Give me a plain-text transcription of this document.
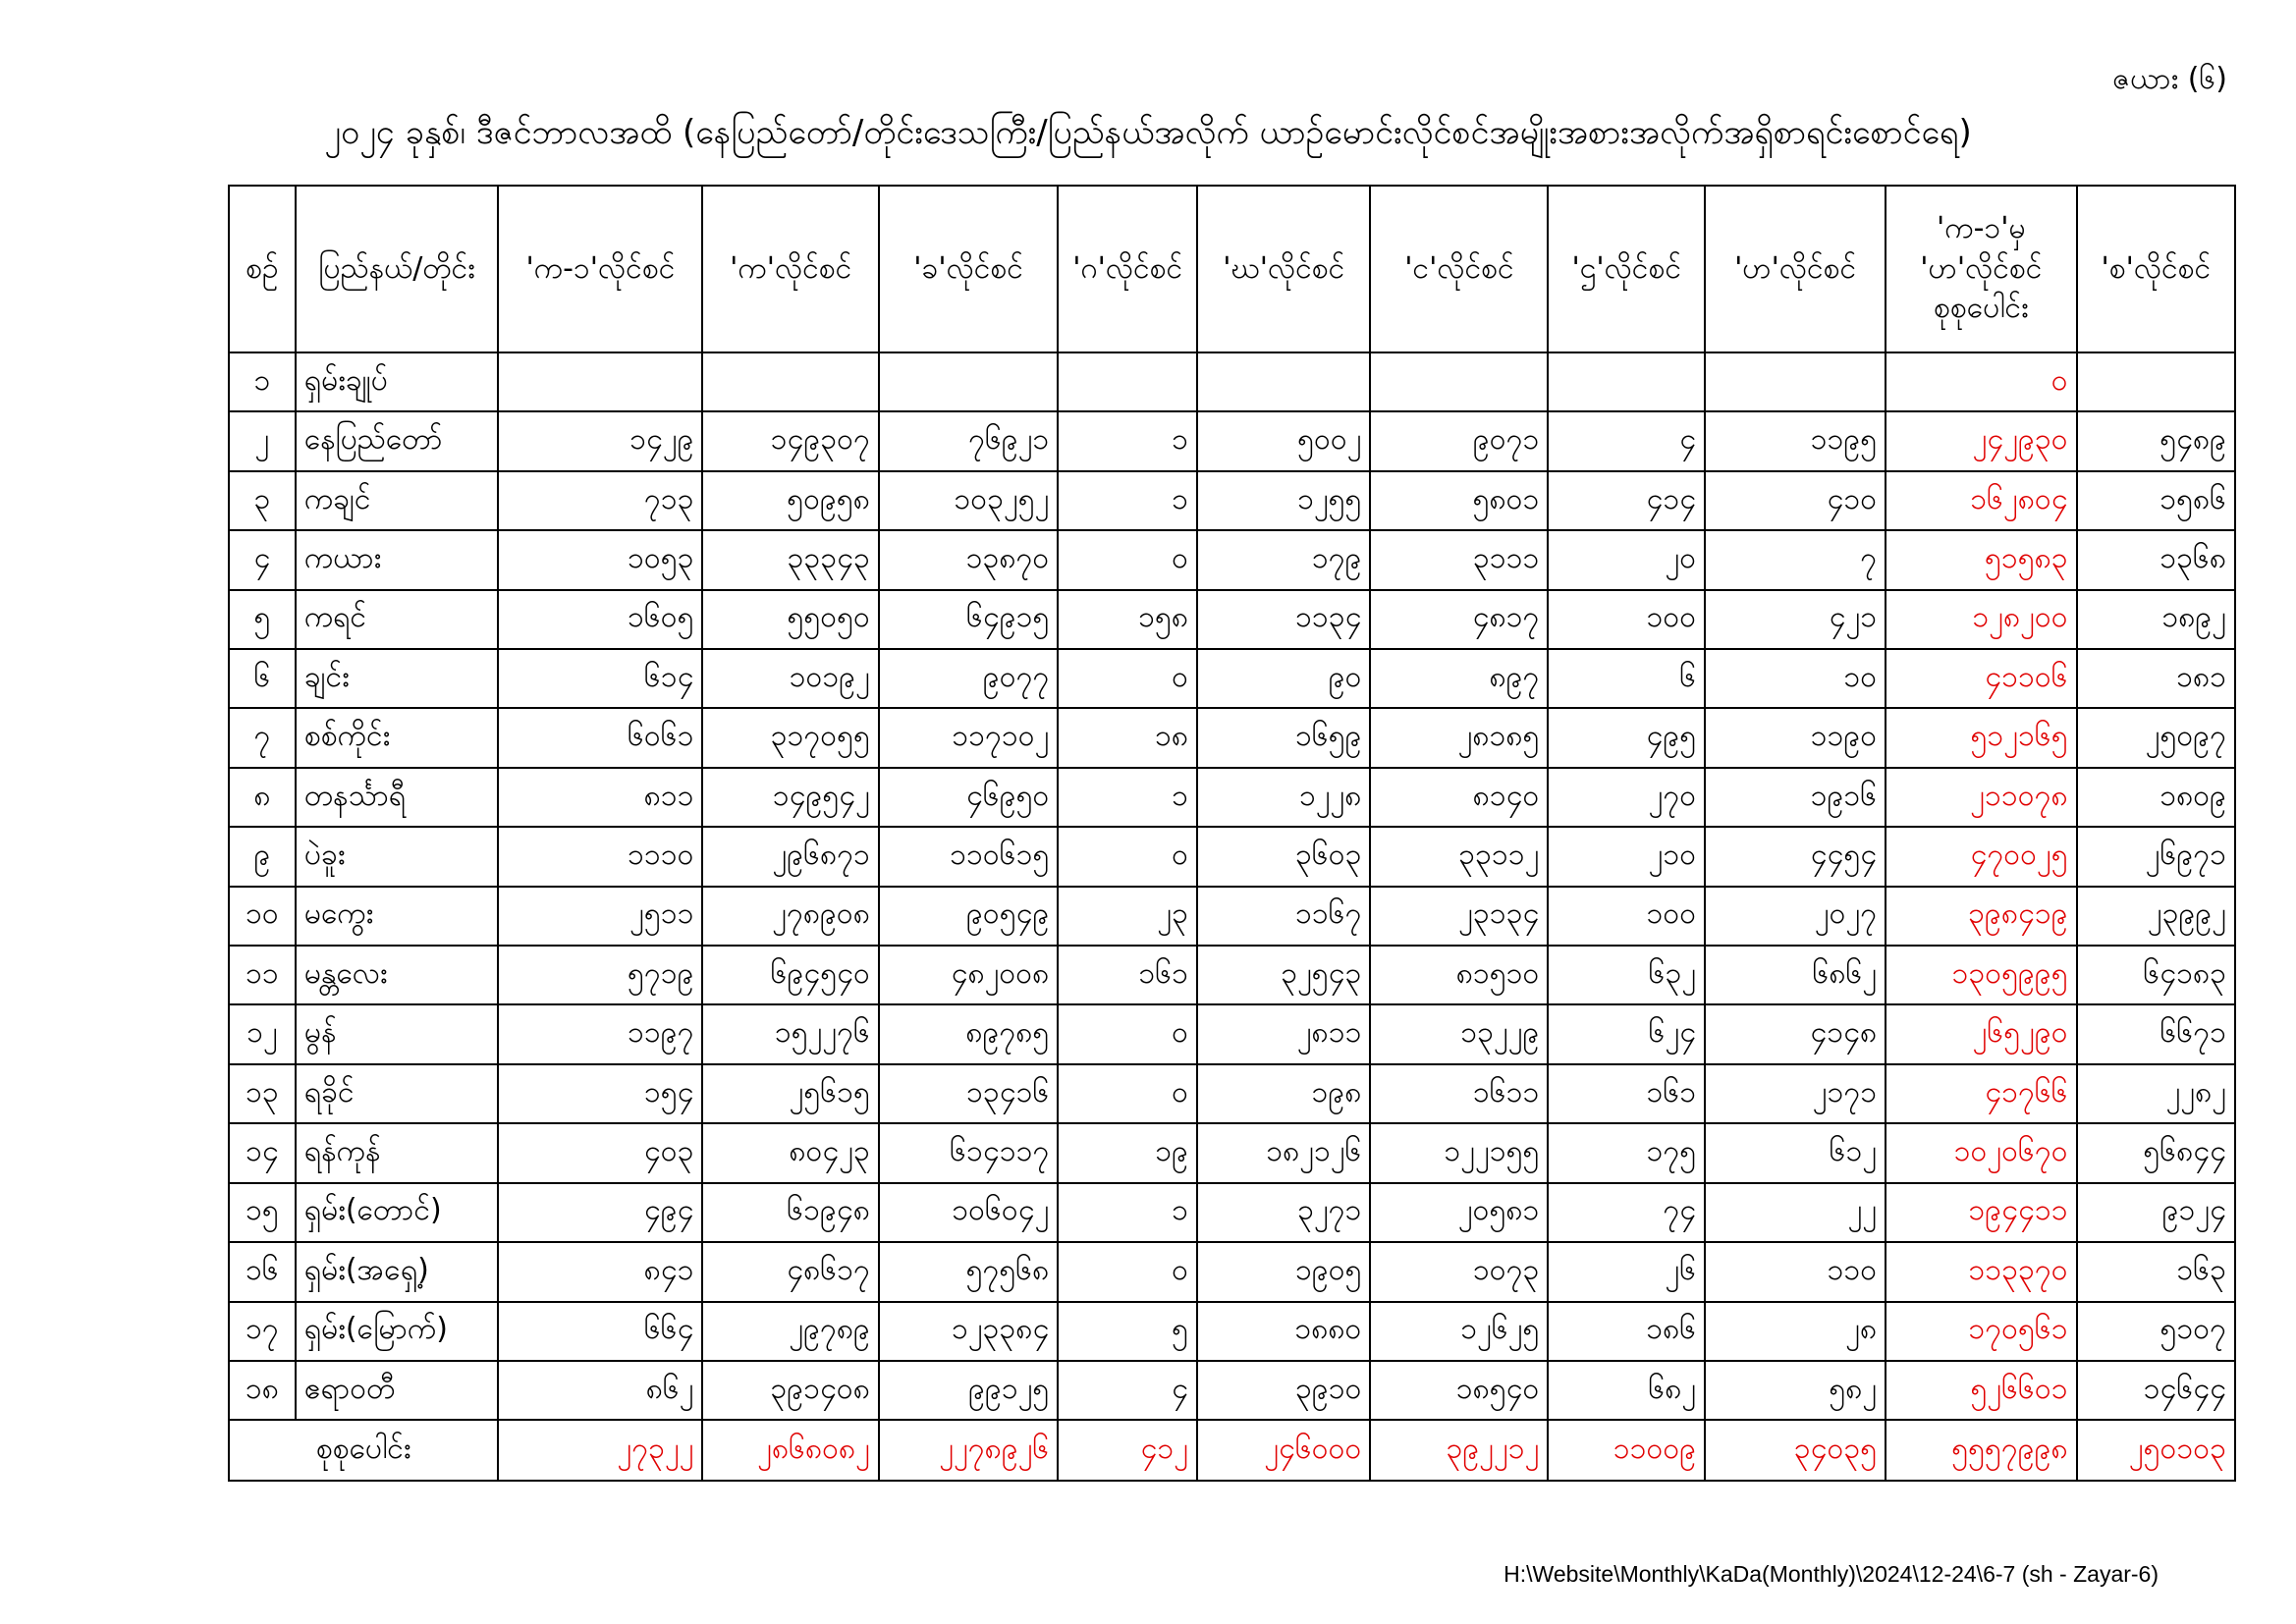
ဇယား (၆)
၂၀၂၄ ခုနှစ်၊ ဒီဇင်ဘာလအထိ (နေပြည်တော်/တိုင်းဒေသကြီး/ပြည်နယ်အလိုက် ယာဉ်မောင်းလိုင်စင်အမျိုးအစားအလိုက်အရှိစာရင်းစောင်ရေ)
စဉ်	ပြည်နယ်/တိုင်း	'က-၁'လိုင်စင်	'က'လိုင်စင်	'ခ'လိုင်စင်	'ဂ'လိုင်စင်	'ဃ'လိုင်စင်	'င'လိုင်စင်	'ဌ'လိုင်စင်	'ဟ'လိုင်စင်	'က-၁'မှ 'ဟ'လိုင်စင် စုစုပေါင်း	'စ'လိုင်စင်
၁	ရှမ်းချုပ်									၀	
၂	နေပြည်တော်	၁၄၂၉	၁၄၉၃၀၇	၇၆၉၂၁	၁	၅၀၀၂	၉၀၇၁	၄	၁၁၉၅	၂၄၂၉၃၀	၅၄၈၉
၃	ကချင်	၇၁၃	၅၀၉၅၈	၁၀၃၂၅၂	၁	၁၂၅၅	၅၈၀၁	၄၁၄	၄၁၀	၁၆၂၈၀၄	၁၅၈၆
၄	ကယား	၁၀၅၃	၃၃၃၄၃	၁၃၈၇၀	၀	၁၇၉	၃၁၁၁	၂၀	၇	၅၁၅၈၃	၁၃၆၈
၅	ကရင်	၁၆၀၅	၅၅၀၅၀	၆၄၉၁၅	၁၅၈	၁၁၃၄	၄၈၁၇	၁၀၀	၄၂၁	၁၂၈၂၀၀	၁၈၉၂
၆	ချင်း	၆၁၄	၁၀၁၉၂	၉၀၇၇	၀	၉၀	၈၉၇	၆	၁၀	၄၁၁၀၆	၁၈၁
၇	စစ်ကိုင်း	၆၀၆၁	၃၁၇၀၅၅	၁၁၇၁၀၂	၁၈	၁၆၅၉	၂၈၁၈၅	၄၉၅	၁၁၉၀	၅၁၂၁၆၅	၂၅၀၉၇
၈	တနင်္သာရီ	၈၁၁	၁၄၉၅၄၂	၄၆၉၅၀	၁	၁၂၂၈	၈၁၄၀	၂၇၀	၁၉၁၆	၂၁၁၀၇၈	၁၈၀၉
၉	ပဲခူး	၁၁၁၀	၂၉၆၈၇၁	၁၁၀၆၁၅	၀	၃၆၀၃	၃၃၁၁၂	၂၁၀	၄၄၅၄	၄၇၀၀၂၅	၂၆၉၇၁
၁၀	မကွေး	၂၅၁၁	၂၇၈၉၀၈	၉၀၅၄၉	၂၃	၁၁၆၇	၂၃၁၃၄	၁၀၀	၂၀၂၇	၃၉၈၄၁၉	၂၃၉၉၂
၁၁	မန္တလေး	၅၇၁၉	၆၉၄၅၄၀	၄၈၂၀၀၈	၁၆၁	၃၂၅၄၃	၈၁၅၁၀	၆၃၂	၆၈၆၂	၁၃၀၅၉၉၅	၆၄၁၈၃
၁၂	မွန်	၁၁၉၇	၁၅၂၂၇၆	၈၉၇၈၅	၀	၂၈၁၁	၁၃၂၂၉	၆၂၄	၄၁၄၈	၂၆၅၂၉၀	၆၆၇၁
၁၃	ရခိုင်	၁၅၄	၂၅၆၁၅	၁၃၄၁၆	၀	၁၉၈	၁၆၁၁	၁၆၁	၂၁၇၁	၄၁၇၆၆	၂၂၈၂
၁၄	ရန်ကုန်	၄၀၃	၈၀၄၂၃	၆၁၄၁၁၇	၁၉	၁၈၂၁၂၆	၁၂၂၁၅၅	၁၇၅	၆၁၂	၁၀၂၀၆၇၀	၅၆၈၄၄
၁၅	ရှမ်း(တောင်)	၄၉၄	၆၁၉၄၈	၁၀၆၀၄၂	၁	၃၂၇၁	၂၀၅၈၁	၇၄	၂၂	၁၉၄၄၁၁	၉၁၂၄
၁၆	ရှမ်း(အရှေ့)	၈၄၁	၄၈၆၁၇	၅၇၅၆၈	၀	၁၉၀၅	၁၀၇၃	၂၆	၁၁၀	၁၁၃၃၇၀	၁၆၃
၁၇	ရှမ်း(မြောက်)	၆၆၄	၂၉၇၈၉	၁၂၃၃၈၄	၅	၁၈၈၀	၁၂၆၂၅	၁၈၆	၂၈	၁၇၀၅၆၁	၅၁၀၇
၁၈	ဧရာဝတီ	၈၆၂	၃၉၁၄၀၈	၉၉၁၂၅	၄	၃၉၁၀	၁၈၅၄၀	၆၈၂	၅၈၂	၅၂၆၆၀၁	၁၄၆၄၄
စုစုပေါင်း		၂၇၃၂၂	၂၈၆၈၀၈၂	၂၂၇၈၉၂၆	၄၁၂	၂၄၆၀၀၀	၃၉၂၂၁၂	၁၁၀၀၉	၃၄၀၃၅	၅၅၅၇၉၉၈	၂၅၀၁၀၃
H:\Website\Monthly\KaDa(Monthly)\2024\12-24\6-7 (sh - Zayar-6)
